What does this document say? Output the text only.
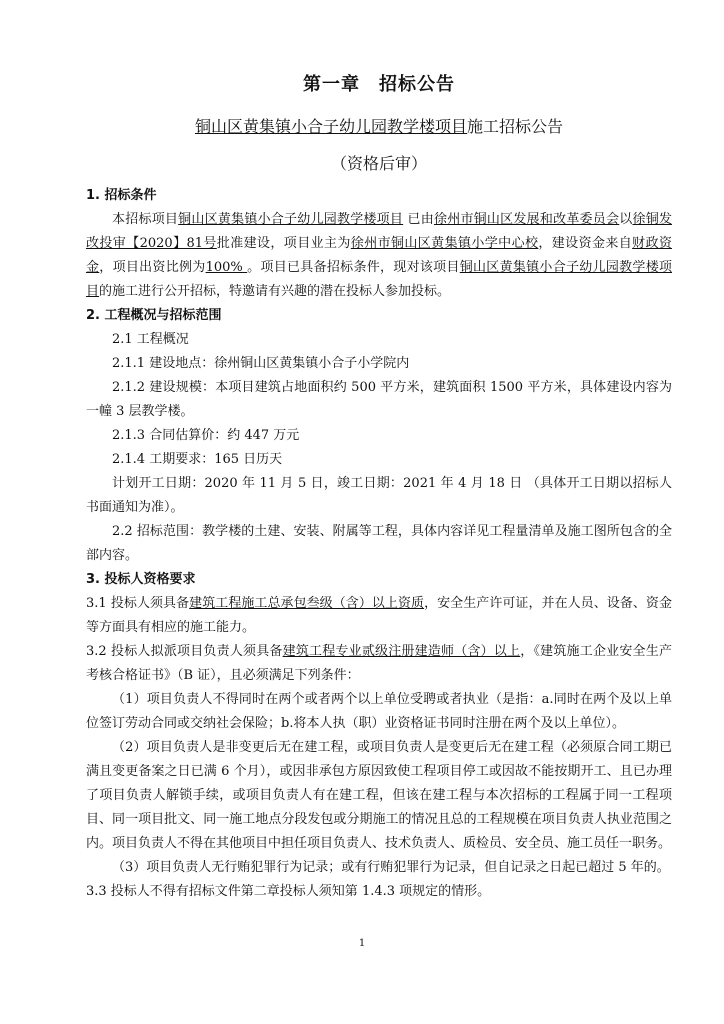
第一章　招标公告
铜山区黄集镇小合子幼儿园教学楼项目施工招标公告
（资格后审）
1. 招标条件

本招标项目铜山区黄集镇小合子幼儿园教学楼项目 已由徐州市铜山区发展和改革委员会以徐铜发改投审【2020】81号批准建设，项目业主为徐州市铜山区黄集镇小学中心校，建设资金来自财政资金，项目出资比例为100% 。项目已具备招标条件，现对该项目铜山区黄集镇小合子幼儿园教学楼项目的施工进行公开招标，特邀请有兴趣的潜在投标人参加投标。

2. 工程概况与招标范围

2.1 工程概况

2.1.1 建设地点：徐州铜山区黄集镇小合子小学院内

2.1.2 建设规模：本项目建筑占地面积约 500 平方米，建筑面积 1500 平方米，具体建设内容为一幢 3 层教学楼。

2.1.3 合同估算价：约 447 万元

2.1.4 工期要求：165 日历天

计划开工日期：2020 年 11 月 5 日，竣工日期：2021 年 4 月 18 日 （具体开工日期以招标人书面通知为准）。

2.2 招标范围：教学楼的土建、安装、附属等工程，具体内容详见工程量清单及施工图所包含的全部内容。

3. 投标人资格要求

3.1 投标人须具备建筑工程施工总承包叁级（含）以上资质，安全生产许可证，并在人员、设备、资金等方面具有相应的施工能力。

3.2 投标人拟派项目负责人须具备建筑工程专业贰级注册建造师（含）以上，《建筑施工企业安全生产考核合格证书》（B 证），且必须满足下列条件：

（1）项目负责人不得同时在两个或者两个以上单位受聘或者执业（是指：a.同时在两个及以上单位签订劳动合同或交纳社会保险；b.将本人执（职）业资格证书同时注册在两个及以上单位）。

（2）项目负责人是非变更后无在建工程，或项目负责人是变更后无在建工程（必须原合同工期已满且变更备案之日已满 6 个月），或因非承包方原因致使工程项目停工或因故不能按期开工、且已办理了项目负责人解锁手续，或项目负责人有在建工程，但该在建工程与本次招标的工程属于同一工程项目、同一项目批文、同一施工地点分段发包或分期施工的情况且总的工程规模在项目负责人执业范围之内。项目负责人不得在其他项目中担任项目负责人、技术负责人、质检员、安全员、施工员任一职务。

（3）项目负责人无行贿犯罪行为记录；或有行贿犯罪行为记录，但自记录之日起已超过 5 年的。

3.3 投标人不得有招标文件第二章投标人须知第 1.4.3 项规定的情形。

1
